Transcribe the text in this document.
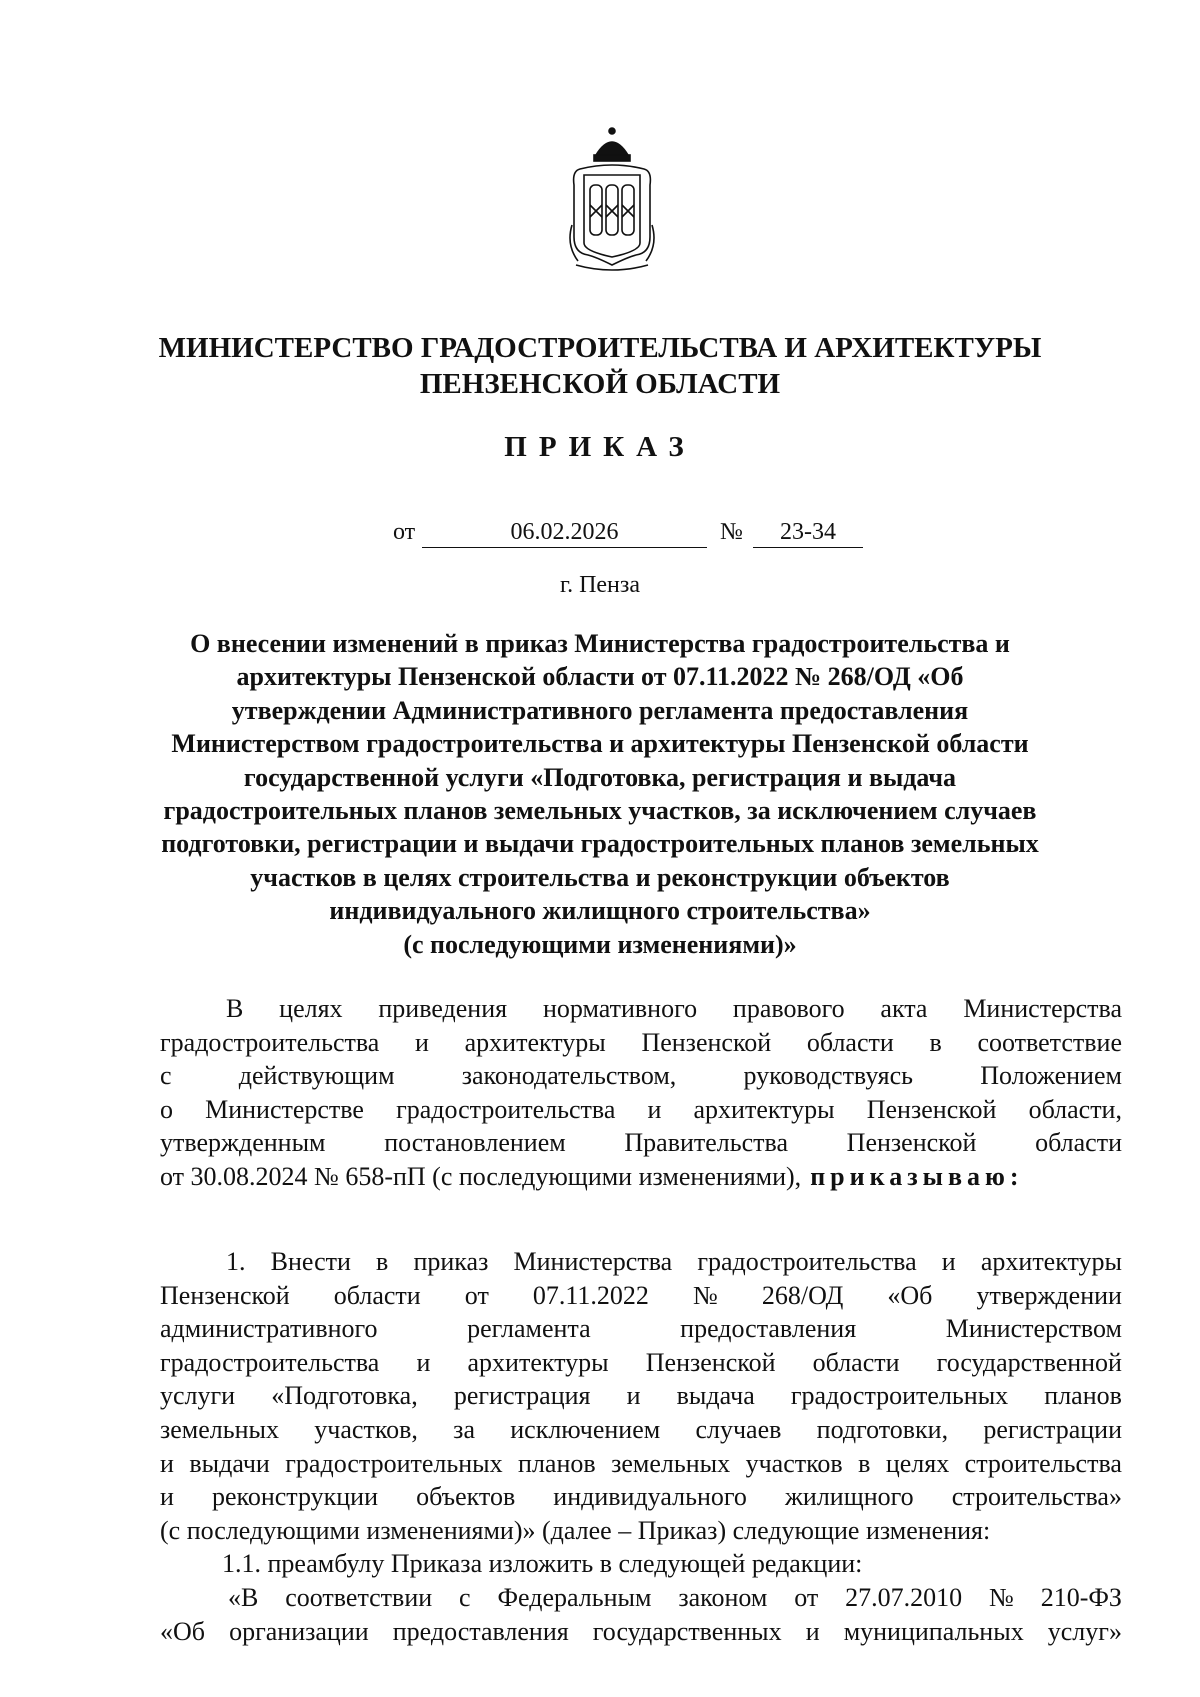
МИНИСТЕРСТВО ГРАДОСТРОИТЕЛЬСТВА И АРХИТЕКТУРЫ
ПЕНЗЕНСКОЙ ОБЛАСТИ
ПРИКАЗ
от	06.02.2026	№	23-34
г. Пенза
О внесении изменений в приказ Министерства градостроительства и
архитектуры Пензенской области от 07.11.2022 № 268/ОД «Об
утверждении Административного регламента предоставления
Министерством градостроительства и архитектуры Пензенской области
государственной услуги «Подготовка, регистрация и выдача
градостроительных планов земельных участков, за исключением случаев
подготовки, регистрации и выдачи градостроительных планов земельных
участков в целях строительства и реконструкции объектов
индивидуального жилищного строительства»
(с последующими изменениями)»
В целях приведения нормативного правового акта Министерства
градостроительства и архитектуры Пензенской области в соответствие
с	действующим	законодательством,	руководствуясь	Положением
о Министерстве градостроительства и архитектуры Пензенской области,
утвержденным постановлением Правительства Пензенской области
от 30.08.2024 № 658-пП (с последующими изменениями), приказываю:
1. Внести в приказ Министерства градостроительства и архитектуры
Пензенской области от 07.11.2022 № 268/ОД «Об утверждении
административного	регламента	предоставления	Министерством
градостроительства и архитектуры Пензенской области государственной
услуги «Подготовка, регистрация и выдача градостроительных планов
земельных участков, за исключением случаев подготовки, регистрации
и выдачи градостроительных планов земельных участков в целях строительства
и реконструкции объектов индивидуального жилищного строительства»
(с последующими изменениями)» (далее – Приказ) следующие изменения:
1.1. преамбулу Приказа изложить в следующей редакции:
«В соответствии с Федеральным законом от 27.07.2010 № 210-ФЗ
«Об организации предоставления государственных и муниципальных услуг»
